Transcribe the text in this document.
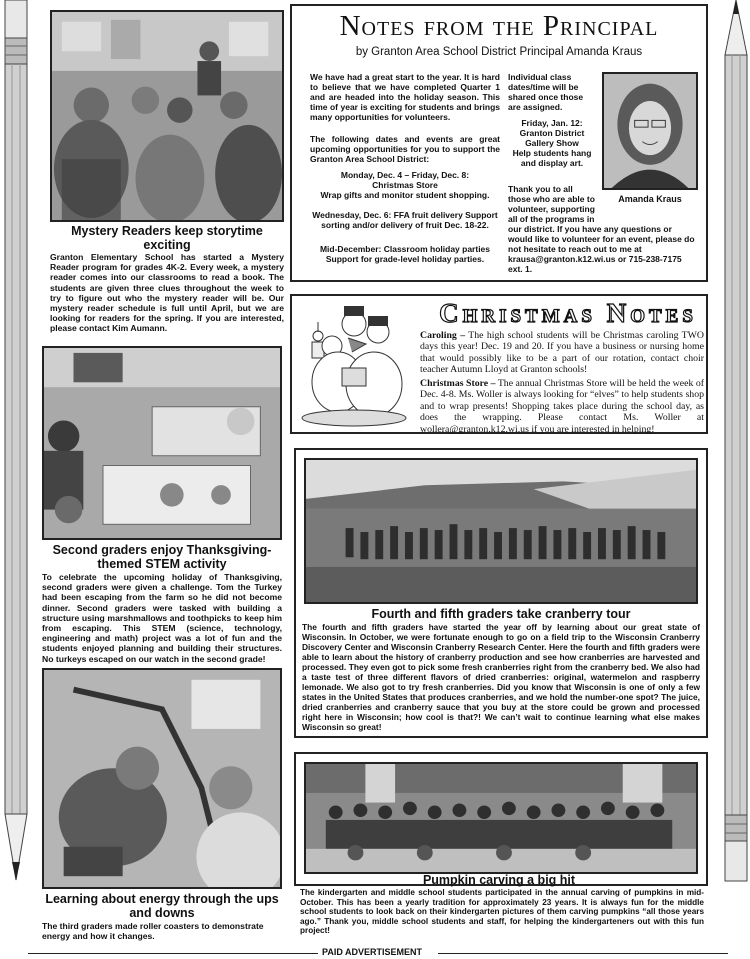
Mystery Readers keep storytime exciting
Granton Elementary School has started a Mystery Reader program for grades 4K-2. Every week, a mystery reader comes into our classrooms to read a book. The students are given three clues throughout the week to try to figure out who the mystery reader will be. Our mystery reader schedule is full until April, but we are looking for readers for the spring. If you are interested, please contact Kim Aumann.
Second graders enjoy Thanksgiving-themed STEM activity
To celebrate the upcoming holiday of Thanksgiving, second graders were given a challenge. Tom the Turkey had been escaping from the farm so he did not become dinner. Second graders were tasked with building a structure using marshmallows and toothpicks to keep him from escaping. This STEM (science, technology, engineering and math) project was a lot of fun and the students enjoyed planning and building their structures. No turkeys escaped on our watch in the second grade!
Learning about energy through the ups and downs
The third graders made roller coasters to demonstrate energy and how it changes.
Notes from the Principal
by Granton Area School District Principal Amanda Kraus
We have had a great start to the year. It is hard to believe that we have completed Quarter 1 and are headed into the holiday season. This time of year is exciting for students and brings many opportunities for volunteers.
The following dates and events are great upcoming opportunities for you to support the Granton Area School District:
Monday, Dec. 4 – Friday, Dec. 8:
Christmas Store
Wrap gifts and monitor student shopping.
Wednesday, Dec. 6: FFA fruit delivery Support sorting and/or delivery of fruit Dec. 18-22.
Mid-December: Classroom holiday parties Support for grade-level holiday parties.
Individual class dates/time will be shared once those are assigned.
Friday, Jan. 12:
Granton District Gallery Show
Help students hang and display art.
Thank you to all those who are able to volunteer, supporting all of the programs in
our district. If you have any questions or would like to volunteer for an event, please do not hesitate to reach out to me at krausa@granton.k12.wi.us or 715-238-7175 ext. 1.
Amanda Kraus
Christmas Notes
Caroling – The high school students will be Christmas caroling TWO days this year! Dec. 19 and 20. If you have a business or nursing home that would possibly like to be a part of our rotation, contact choir teacher Autumn Lloyd at Granton schools!
Christmas Store – The annual Christmas Store will be held the week of Dec. 4-8. Ms. Woller is always looking for “elves” to help students shop and to wrap presents! Shopping takes place during the school day, as does the wrapping. Please contact Ms. Woller at wollera@granton.k12.wi.us if you are interested in helping!
Fourth and fifth graders take cranberry tour
The fourth and fifth graders have started the year off by learning about our great state of Wisconsin. In October, we were fortunate enough to go on a field trip to the Wisconsin Cranberry Discovery Center and Wisconsin Cranberry Research Center. Here the fourth and fifth graders were able to learn about the history of cranberry production and see how cranberries are harvested and processed. They even got to pick some fresh cranberries right from the cranberry bed. We also had a taste test of three different flavors of dried cranberries: original, watermelon and raspberry lemonade. We also got to try fresh cranberries. Did you know that Wisconsin is one of only a few states in the United States that produces cranberries, and we hold the number-one spot? The juice, dried cranberries and cranberry sauce that you buy at the store could be grown and processed right here in Wisconsin; how cool is that?! We can’t wait to continue learning what else makes Wisconsin so great!
Pumpkin carving a big hit
The kindergarten and middle school students participated in the annual carving of pumpkins in mid-October. This has been a yearly tradition for approximately 23 years. It is always fun for the middle school students to look back on their kindergarten pictures of them carving pumpkins “all those years ago.” Thank you, middle school students and staff, for helping the kindergarteners out with this fun project!
PAID ADVERTISEMENT
